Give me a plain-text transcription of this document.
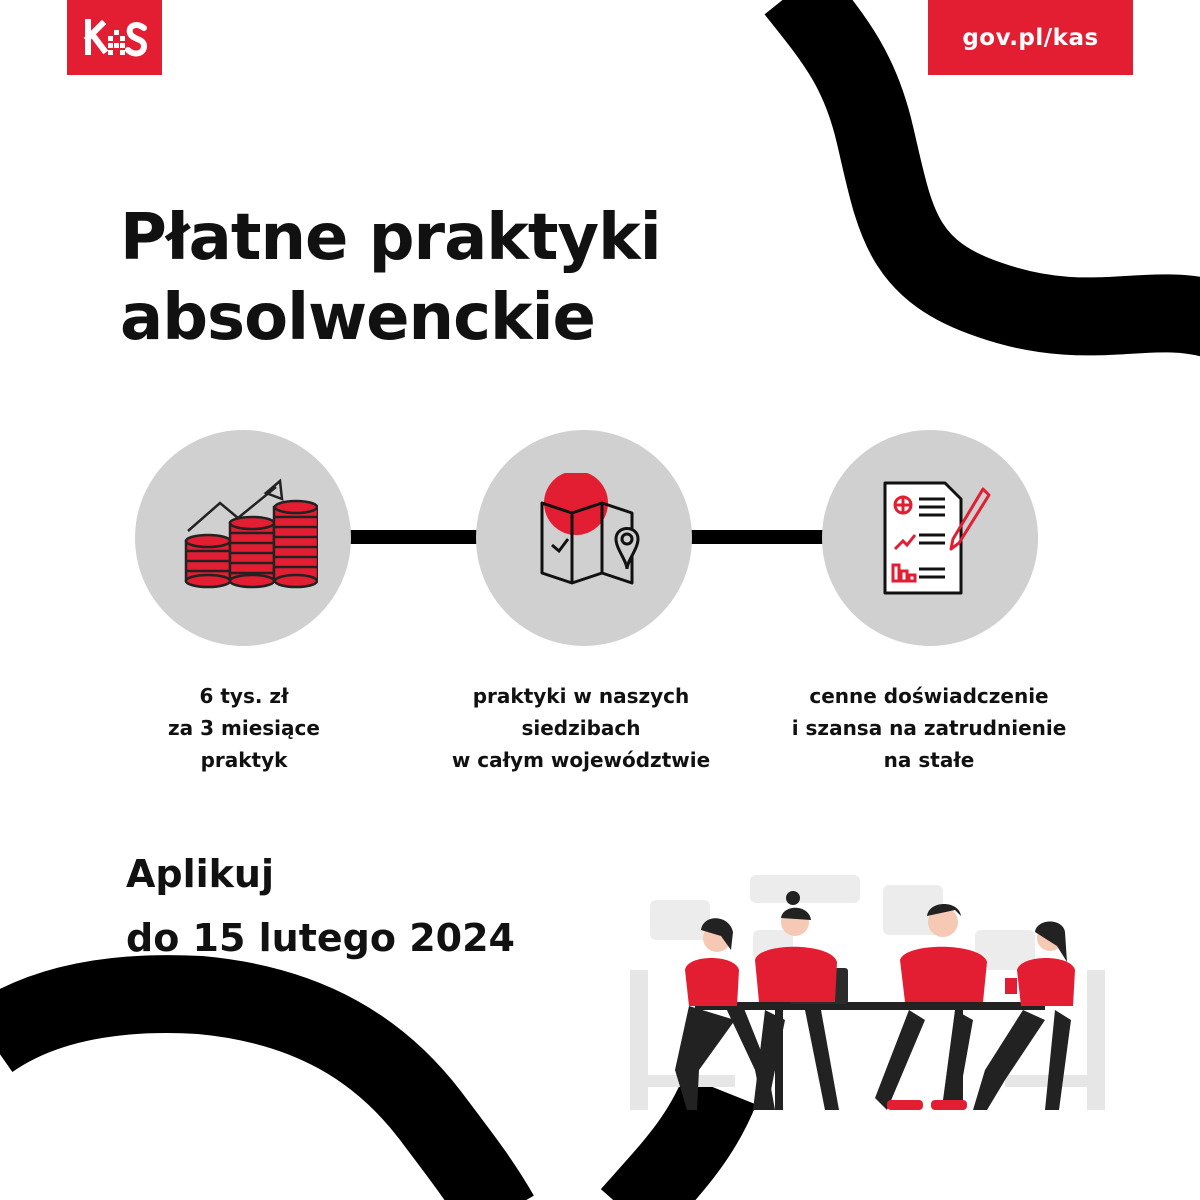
gov.pl/kas
Płatne praktyki
absolwenckie
6 tys. zł
za 3 miesiące
praktyk
praktyki w naszych
siedzibach
w całym województwie
cenne doświadczenie
i szansa na zatrudnienie
na stałe
Aplikuj
do 15 lutego 2024
